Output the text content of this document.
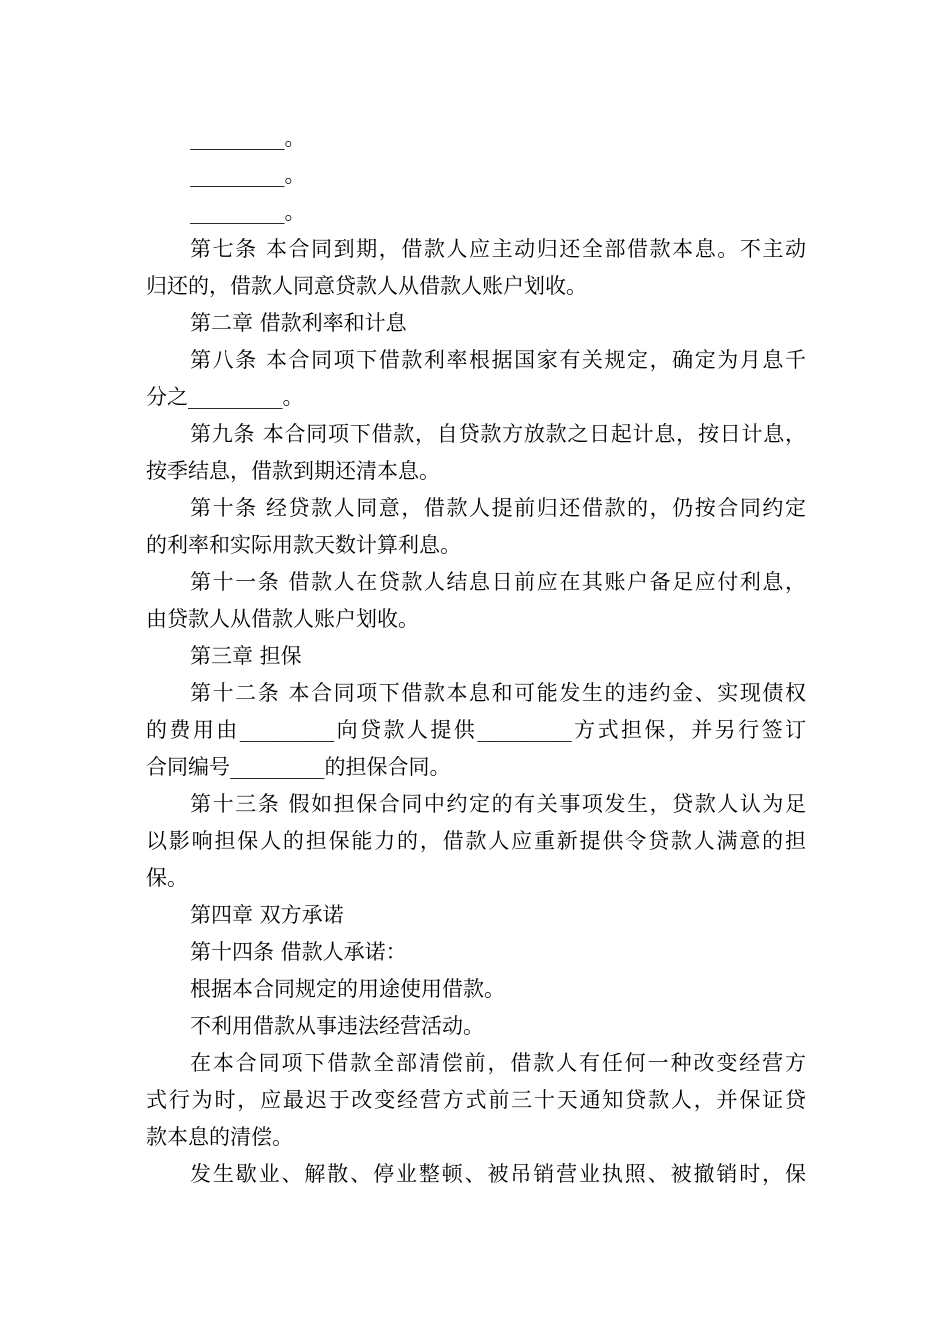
_________。
_________。
_________。
第七条 本合同到期，借款人应主动归还全部借款本息。不主动
归还的，借款人同意贷款人从借款人账户划收。
第二章 借款利率和计息
第八条 本合同项下借款利率根据国家有关规定，确定为月息千
分之_________。
第九条 本合同项下借款，自贷款方放款之日起计息，按日计息，
按季结息，借款到期还清本息。
第十条 经贷款人同意，借款人提前归还借款的，仍按合同约定
的利率和实际用款天数计算利息。
第十一条 借款人在贷款人结息日前应在其账户备足应付利息，
由贷款人从借款人账户划收。
第三章 担保
第十二条 本合同项下借款本息和可能发生的违约金、实现债权
的费用由_________向贷款人提供_________方式担保，并另行签订
合同编号_________的担保合同。
第十三条 假如担保合同中约定的有关事项发生，贷款人认为足
以影响担保人的担保能力的，借款人应重新提供令贷款人满意的担
保。
第四章 双方承诺
第十四条 借款人承诺：
根据本合同规定的用途使用借款。
不利用借款从事违法经营活动。
在本合同项下借款全部清偿前，借款人有任何一种改变经营方
式行为时，应最迟于改变经营方式前三十天通知贷款人，并保证贷
款本息的清偿。
发生歇业、解散、停业整顿、被吊销营业执照、被撤销时，保
